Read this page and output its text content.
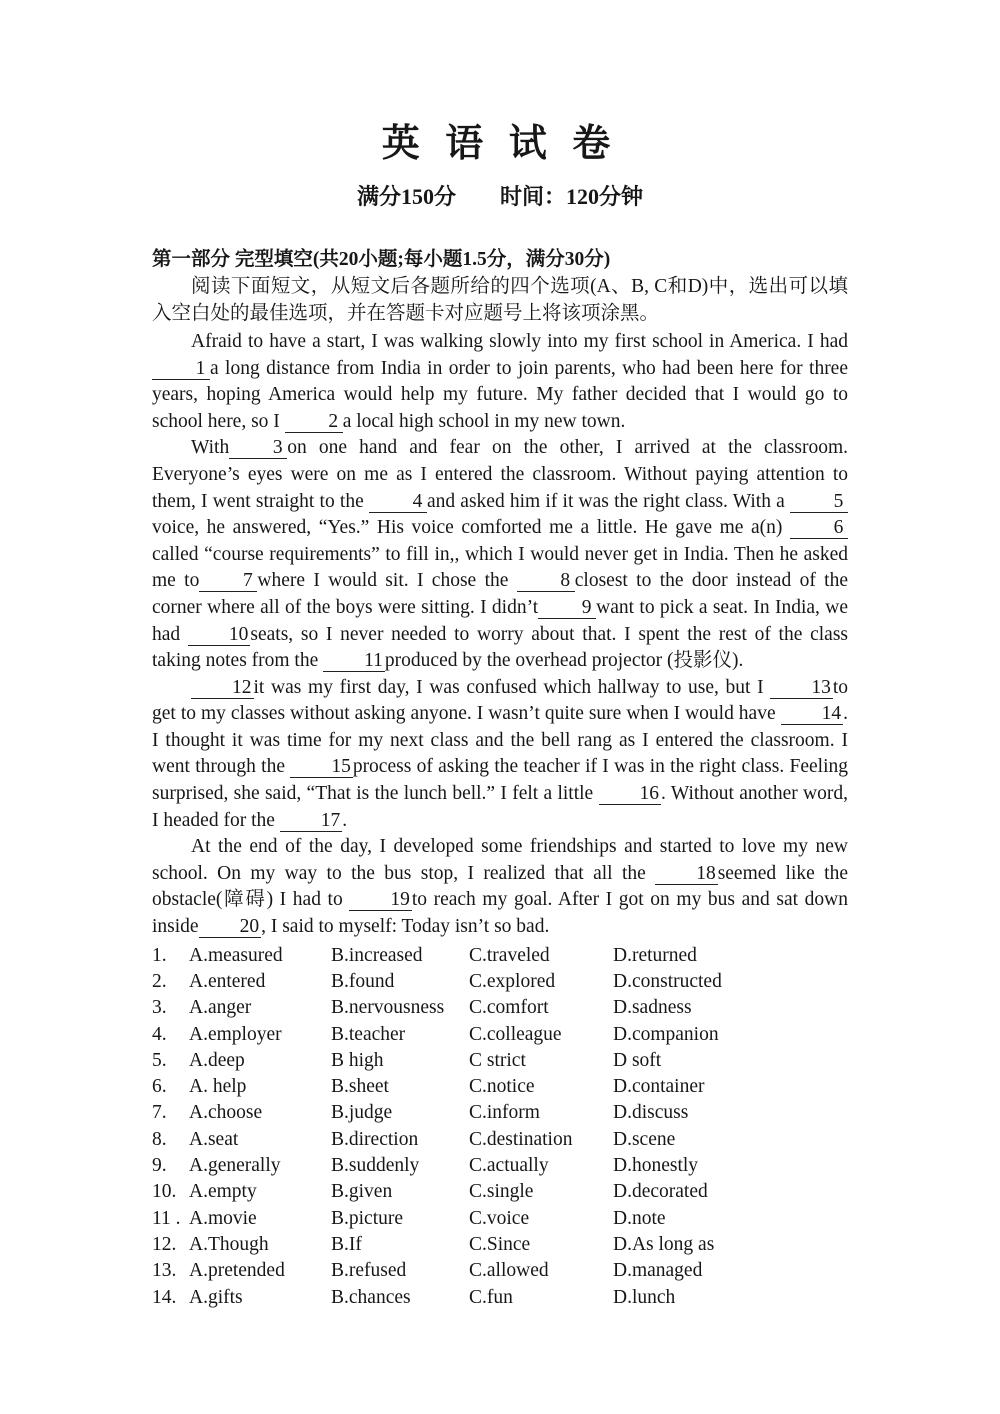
英 语 试 卷
满分150分　　时间：120分钟
第一部分 完型填空(共20小题;每小题1.5分，满分30分)

阅读下面短文，从短文后各题所给的四个选项(A、B, C和D)中，选出可以填入空白处的最佳选项，并在答题卡对应题号上将该项涂黑。

Afraid to have a start, I was walking slowly into my first school in America. I had1 a long distance from India in order to join parents, who had been here for three years, hoping America would help my future. My father decided that I would go to school here, so I 2 a local high school in my new town.

With 3 on one hand and fear on the other, I arrived at the classroom. Everyone’s eyes were on me as I entered the classroom. Without paying attention to them, I went straight to the 4 and asked him if it was the right class. With a 5voice, he answered, “Yes.” His voice comforted me a little. He gave me a(n) 6called “course requirements” to fill in,, which I would never get in India. Then he asked me to 7 where I would sit. I chose the 8 closest to the door instead of the corner where all of the boys were sitting. I didn’t 9 want to pick a seat. In India, we had 10 seats, so I never needed to worry about that. I spent the rest of the class taking notes from the 11 produced by the overhead projector (投影仪).

12 it was my first day, I was confused which hallway to use, but I 13 to get to my classes without asking anyone. I wasn’t quite sure when I would have 14 . I thought it was time for my next class and the bell rang as I entered the classroom. I went through the 15 process of asking the teacher if I was in the right class. Feeling surprised, she said, “That is the lunch bell.” I felt a little 16 . Without another word, I headed for the 17 .

At the end of the day, I developed some friendships and started to love my new school. On my way to the bus stop, I realized that all the 18 seemed like the obstacle(障碍) I had to 19 to reach my goal. After I got on my bus and sat down inside 20 , I said to myself: Today isn’t so bad.

1.	A.measured	B.increased	C.traveled	D.returned
2.	A.entered	B.found	C.explored	D.constructed
3.	A.anger	B.nervousness	C.comfort	D.sadness
4.	A.employer	B.teacher	C.colleague	D.companion
5.	A.deep	B high	C strict	D soft
6.	A. help	B.sheet	C.notice	D.container
7.	A.choose	B.judge	C.inform	D.discuss
8.	A.seat	B.direction	C.destination	D.scene
9.	A.generally	B.suddenly	C.actually	D.honestly
10. A.empty	B.given	C.single	D.decorated
11 . A.movie	B.picture	C.voice	D.note
12. A.Though	B.If	C.Since	D.As long as
13. A.pretended	B.refused	C.allowed	D.managed
14. A.gifts	B.chances	C.fun	D.lunch
